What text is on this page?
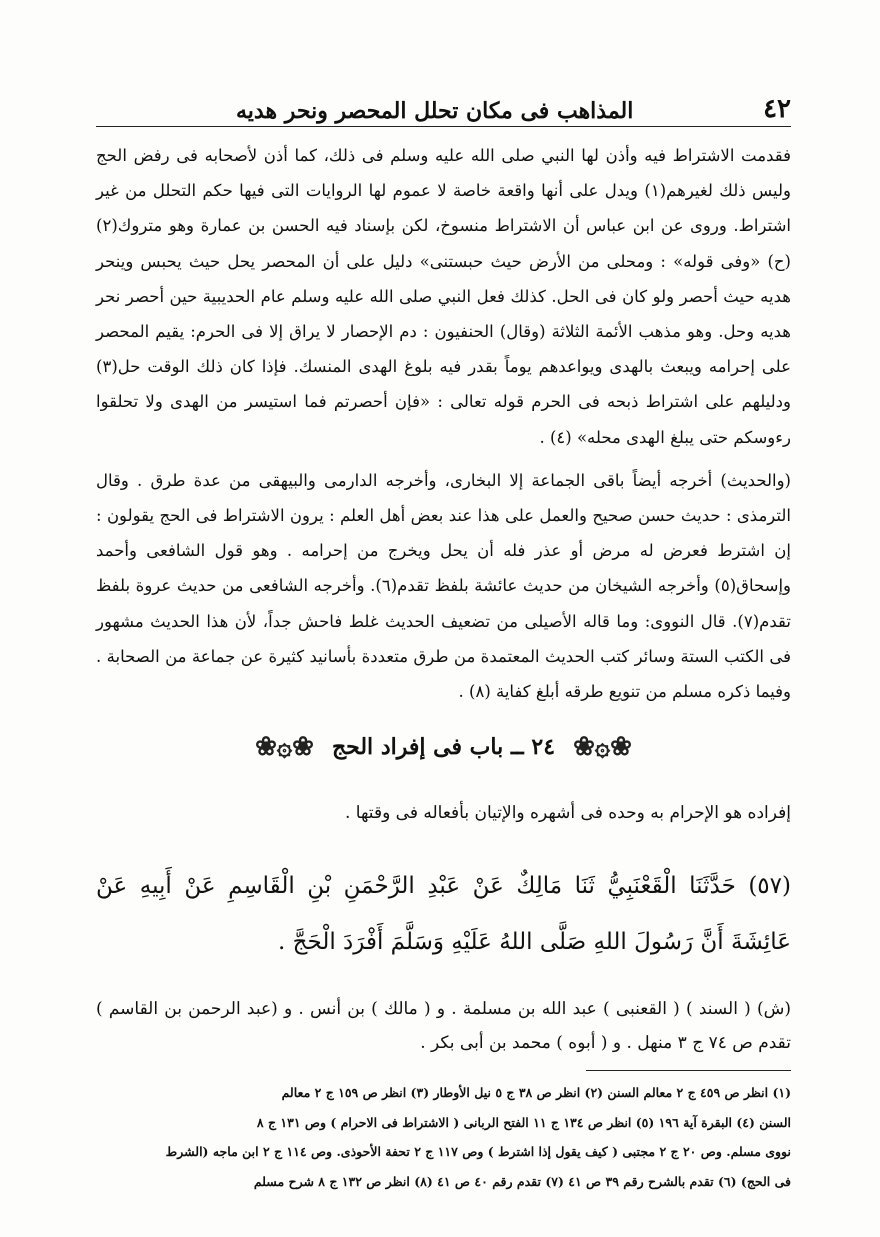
٤٢
المذاهب فى مكان تحلل المحصر ونحر هديه

فقدمت الاشتراط فيه وأذن لها النبي صلى الله عليه وسلم فى ذلك، كما أذن لأصحابه فى رفض الحج وليس ذلك لغيرهم(١) ويدل على أنها واقعة خاصة لا عموم لها الروايات التى فيها حكم التحلل من غير اشتراط. وروى عن ابن عباس أن الاشتراط منسوخ، لكن بإسناد فيه الحسن بن عمارة وهو متروك(٢) (ح) «وفى قوله» : ومحلى من الأرض حيث حبستنى» دليل على أن المحصر يحل حيث يحبس وينحر هديه حيث أحصر ولو كان فى الحل. كذلك فعل النبي صلى الله عليه وسلم عام الحديبية حين أحصر نحر هديه وحل. وهو مذهب الأئمة الثلاثة (وقال) الحنفيون : دم الإحصار لا يراق إلا فى الحرم: يقيم المحصر على إحرامه ويبعث بالهدى ويواعدهم يوماً بقدر فيه بلوغ الهدى المنسك. فإذا كان ذلك الوقت حل(٣) ودليلهم على اشتراط ذبحه فى الحرم قوله تعالى : «فإن أحصرتم فما استيسر من الهدى ولا تحلقوا رءوسكم حتى يبلغ الهدى محله» (٤) .

(والحديث) أخرجه أيضاً باقى الجماعة إلا البخارى، وأخرجه الدارمى والبيهقى من عدة طرق . وقال الترمذى : حديث حسن صحيح والعمل على هذا عند بعض أهل العلم : يرون الاشتراط فى الحج يقولون : إن اشترط فعرض له مرض أو عذر فله أن يحل ويخرج من إحرامه . وهو قول الشافعى وأحمد وإسحاق(٥) وأخرجه الشيخان من حديث عائشة بلفظ تقدم(٦). وأخرجه الشافعى من حديث عروة بلفظ تقدم(٧). قال النووى: وما قاله الأصيلى من تضعيف الحديث غلط فاحش جداً، لأن هذا الحديث مشهور فى الكتب الستة وسائر كتب الحديث المعتمدة من طرق متعددة بأسانيد كثيرة عن جماعة من الصحابة . وفيما ذكره مسلم من تنويع طرقه أبلغ كفاية (٨) .

❀۞❀
٢٤ ــ باب فى إفراد الحج
❀۞❀
إفراده هو الإحرام به وحده فى أشهره والإتيان بأفعاله فى وقتها .
(٥٧) حَدَّثَنَا الْقَعْنَبِيُّ ثَنَا مَالِكٌ عَنْ عَبْدِ الرَّحْمَنِ بْنِ الْقَاسِمِ عَنْ أَبِيهِ عَنْ عَائِشَةَ أَنَّ رَسُولَ اللهِ صَلَّى اللهُ عَلَيْهِ وَسَلَّمَ أَفْرَدَ الْحَجَّ .
(ش) ( السند ) ( القعنبى ) عبد الله بن مسلمة . و ( مالك ) بن أنس . و (عبد الرحمن بن القاسم ) تقدم ص ٧٤ ج ٣ منهل . و ( أبوه ) محمد بن أبى بكر .

(١) انظر ص ٤٥٩ ج ٢ معالم السنن (٢) انظر ص ٣٨ ج ٥ نيل الأوطار (٣) انظر ص ١٥٩ ج ٢ معالم

السنن (٤) البقرة آية ١٩٦ (٥) انظر ص ١٣٤ ج ١١ الفتح الربانى ( الاشتراط فى الاحرام ) وص ١٣١ ج ٨

نووى مسلم. وص ٢٠ ج ٢ مجتبى ( كيف يقول إذا اشترط ) وص ١١٧ ج ٢ تحفة الأحوذى. وص ١١٤ ج ٢ ابن ماجه (الشرط

فى الحج) (٦) تقدم بالشرح رقم ٣٩ ص ٤١ (٧) تقدم رقم ٤٠ ص ٤١ (٨) انظر ص ١٣٢ ج ٨ شرح مسلم
